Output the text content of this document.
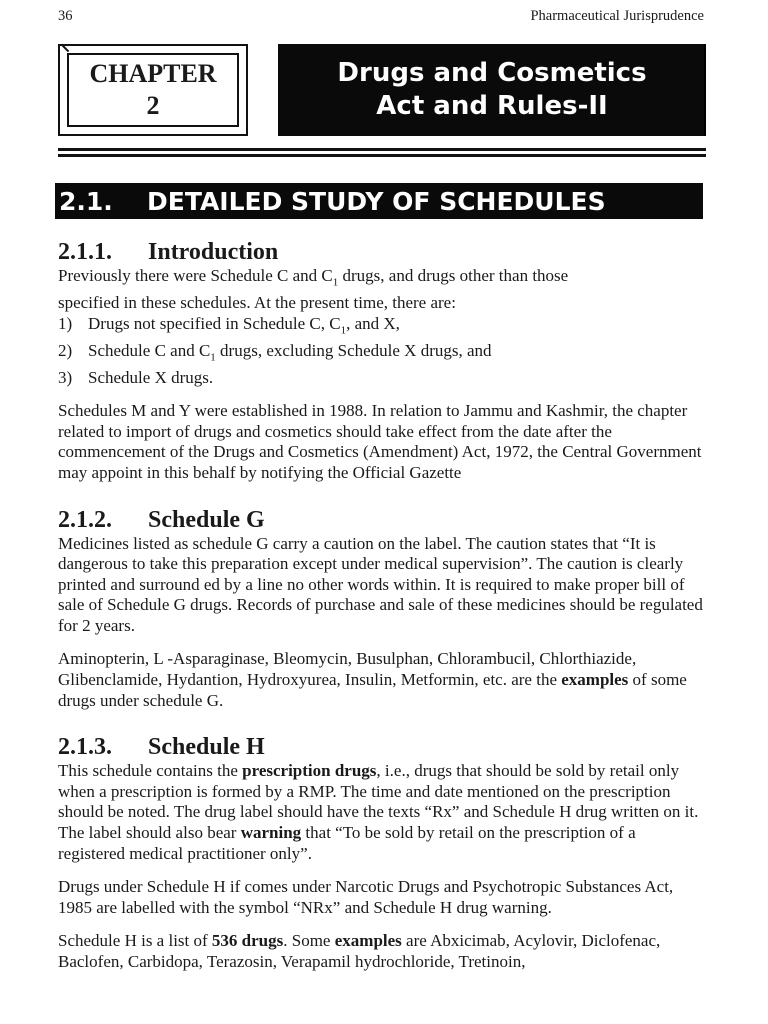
36	Pharmaceutical Jurisprudence
CHAPTER
2
Drugs and Cosmetics
Act and Rules-II
2.1.	DETAILED STUDY OF SCHEDULES
2.1.1.	Introduction

Previously there were Schedule C and $C_1$ drugs, and drugs other than those
specified in these schedules. At the present time, there are:

1) Drugs not specified in Schedule C, $C_1$, and X,
2) Schedule C and $C_1$ drugs, excluding Schedule X drugs, and
3) Schedule X drugs.

Schedules M and Y were established in 1988. In relation to Jammu and Kashmir, the chapter related to import of drugs and cosmetics should take effect from the date after the commencement of the Drugs and Cosmetics (Amendment) Act, 1972, the Central Government may appoint in this behalf by notifying the Official Gazette

2.1.2.	Schedule G

Medicines listed as schedule G carry a caution on the label. The caution states that “It is dangerous to take this preparation except under medical supervision”. The caution is clearly printed and surround ed by a line no other words within. It is required to make proper bill of sale of Schedule G drugs. Records of purchase and sale of these medicines should be regulated for 2 years.

Aminopterin, L -Asparaginase, Bleomycin, Busulphan, Chlorambucil, Chlorthiazide, Glibenclamide, Hydantion, Hydroxyurea, Insulin, Metformin, etc. are the examples of some drugs under schedule G.

2.1.3.	Schedule H

This schedule contains the prescription drugs, i.e., drugs that should be sold by retail only when a prescription is formed by a RMP. The time and date mentioned on the prescription should be noted. The drug label should have the texts “Rx” and Schedule H drug written on it. The label should also bear warning that “To be sold by retail on the prescription of a registered medical practitioner only”.

Drugs under Schedule H if comes under Narcotic Drugs and Psychotropic Substances Act, 1985 are labelled with the symbol “NRx” and Schedule H drug warning.

Schedule H is a list of 536 drugs. Some examples are Abxicimab, Acylovir, Diclofenac, Baclofen, Carbidopa, Terazosin, Verapamil hydrochloride, Tretinoin,
